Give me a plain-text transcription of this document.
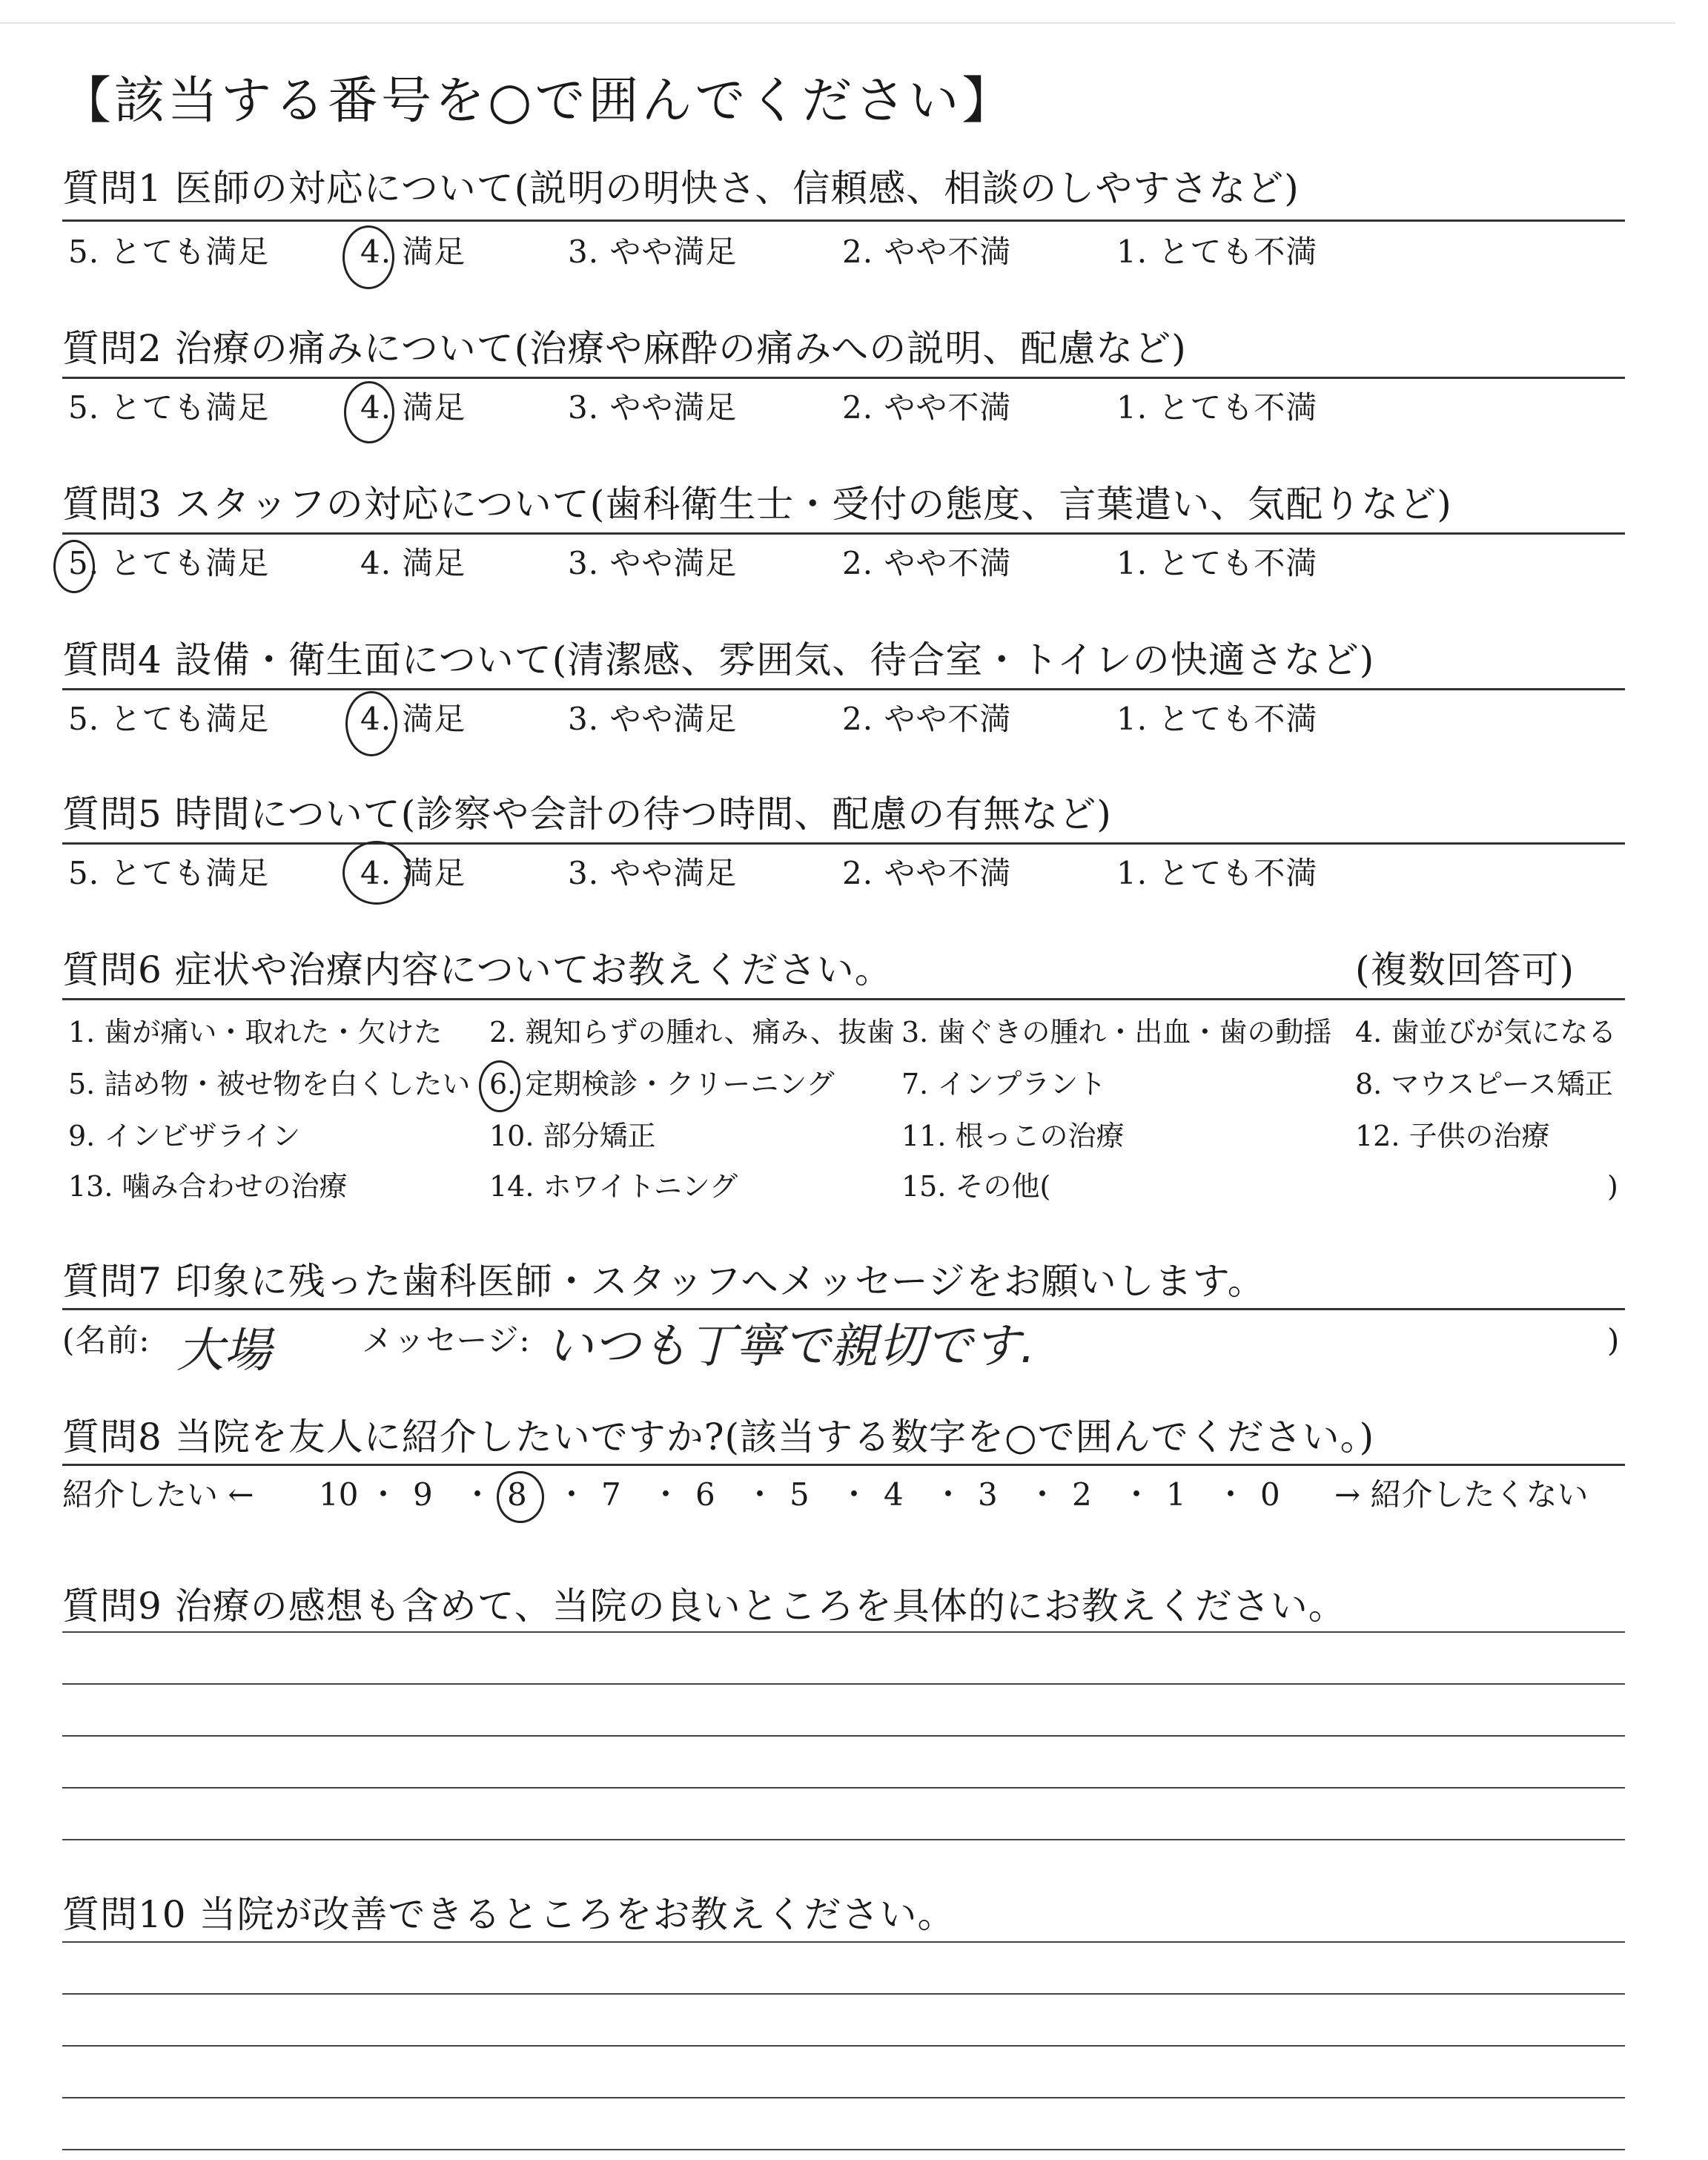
【該当する番号を○で囲んでください】
質問1 医師の対応について(説明の明快さ、信頼感、相談のしやすさなど)
5. とても満足	4. 満足	3. やや満足	2. やや不満	1. とても不満
質問2 治療の痛みについて(治療や麻酔の痛みへの説明、配慮など)
5. とても満足	4. 満足	3. やや満足	2. やや不満	1. とても不満
質問3 スタッフの対応について(歯科衛生士・受付の態度、言葉遣い、気配りなど)
5. とても満足	4. 満足	3. やや満足	2. やや不満	1. とても不満
質問4 設備・衛生面について(清潔感、雰囲気、待合室・トイレの快適さなど)
5. とても満足	4. 満足	3. やや満足	2. やや不満	1. とても不満
質問5 時間について(診察や会計の待つ時間、配慮の有無など)
5. とても満足	4. 満足	3. やや満足	2. やや不満	1. とても不満
質問6 症状や治療内容についてお教えください。	(複数回答可)
1. 歯が痛い・取れた・欠けた 2. 親知らずの腫れ、痛み、抜歯 3. 歯ぐきの腫れ・出血・歯の動揺 4. 歯並びが気になる
5. 詰め物・被せ物を白くしたい 6. 定期検診・クリーニング 7. インプラント	8. マウスピース矯正
9. インビザライン	10. 部分矯正	11. 根っこの治療	12. 子供の治療
13. 噛み合わせの治療	14. ホワイトニング	15. その他(	)
質問7 印象に残った歯科医師・スタッフへメッセージをお願いします。
(名前: 大場	メッセージ: いつも丁寧で親切です.	)
質問8 当院を友人に紹介したいですか?(該当する数字を○で囲んでください。)
紹介したい ←	→ 紹介したくない
10 ・ 9 ・ 8 ・ 7 ・ 6 ・ 5 ・ 4 ・ 3 ・ 2 ・ 1 ・ 0
質問9 治療の感想も含めて、当院の良いところを具体的にお教えください。
質問10 当院が改善できるところをお教えください。
